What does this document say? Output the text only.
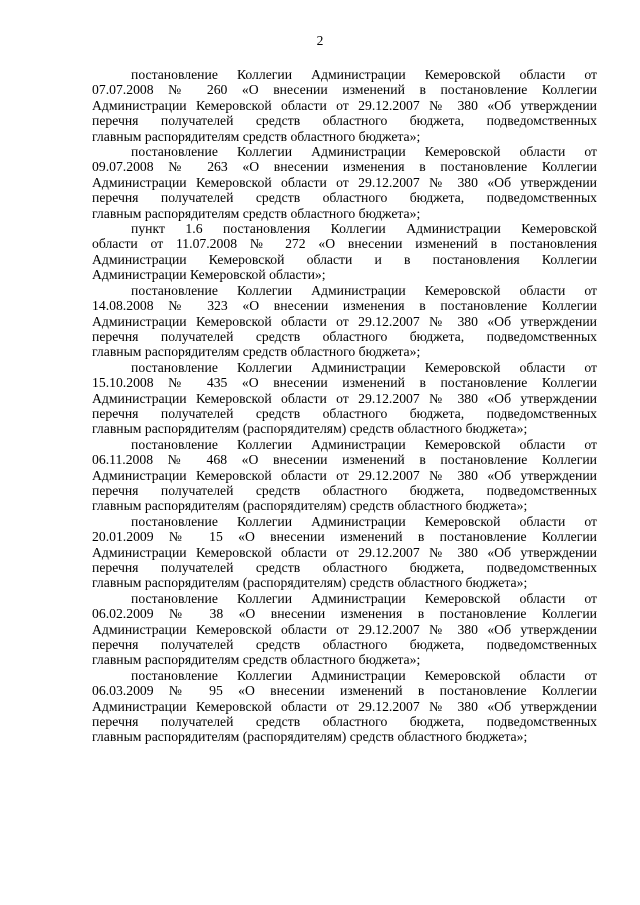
2
постановление Коллегии Администрации Кемеровской области от
07.07.2008 № 260 «О внесении изменений в постановление Коллегии
Администрации Кемеровской области от 29.12.2007 № 380 «Об утверждении
перечня получателей средств областного бюджета, подведомственных
главным распорядителям средств областного бюджета»;
постановление Коллегии Администрации Кемеровской области от
09.07.2008 № 263 «О внесении изменения в постановление Коллегии
Администрации Кемеровской области от 29.12.2007 № 380 «Об утверждении
перечня получателей средств областного бюджета, подведомственных
главным распорядителям средств областного бюджета»;
пункт 1.6 постановления Коллегии Администрации Кемеровской
области от 11.07.2008 № 272 «О внесении изменений в постановления
Администрации Кемеровской области и в постановления Коллегии
Администрации Кемеровской области»;
постановление Коллегии Администрации Кемеровской области от
14.08.2008 № 323 «О внесении изменения в постановление Коллегии
Администрации Кемеровской области от 29.12.2007 № 380 «Об утверждении
перечня получателей средств областного бюджета, подведомственных
главным распорядителям средств областного бюджета»;
постановление Коллегии Администрации Кемеровской области от
15.10.2008 № 435 «О внесении изменений в постановление Коллегии
Администрации Кемеровской области от 29.12.2007 № 380 «Об утверждении
перечня получателей средств областного бюджета, подведомственных
главным распорядителям (распорядителям) средств областного бюджета»;
постановление Коллегии Администрации Кемеровской области от
06.11.2008 № 468 «О внесении изменений в постановление Коллегии
Администрации Кемеровской области от 29.12.2007 № 380 «Об утверждении
перечня получателей средств областного бюджета, подведомственных
главным распорядителям (распорядителям) средств областного бюджета»;
постановление Коллегии Администрации Кемеровской области от
20.01.2009 № 15 «О внесении изменений в постановление Коллегии
Администрации Кемеровской области от 29.12.2007 № 380 «Об утверждении
перечня получателей средств областного бюджета, подведомственных
главным распорядителям (распорядителям) средств областного бюджета»;
постановление Коллегии Администрации Кемеровской области от
06.02.2009 № 38 «О внесении изменения в постановление Коллегии
Администрации Кемеровской области от 29.12.2007 № 380 «Об утверждении
перечня получателей средств областного бюджета, подведомственных
главным распорядителям средств областного бюджета»;
постановление Коллегии Администрации Кемеровской области от
06.03.2009 № 95 «О внесении изменений в постановление Коллегии
Администрации Кемеровской области от 29.12.2007 № 380 «Об утверждении
перечня получателей средств областного бюджета, подведомственных
главным распорядителям (распорядителям) средств областного бюджета»;
